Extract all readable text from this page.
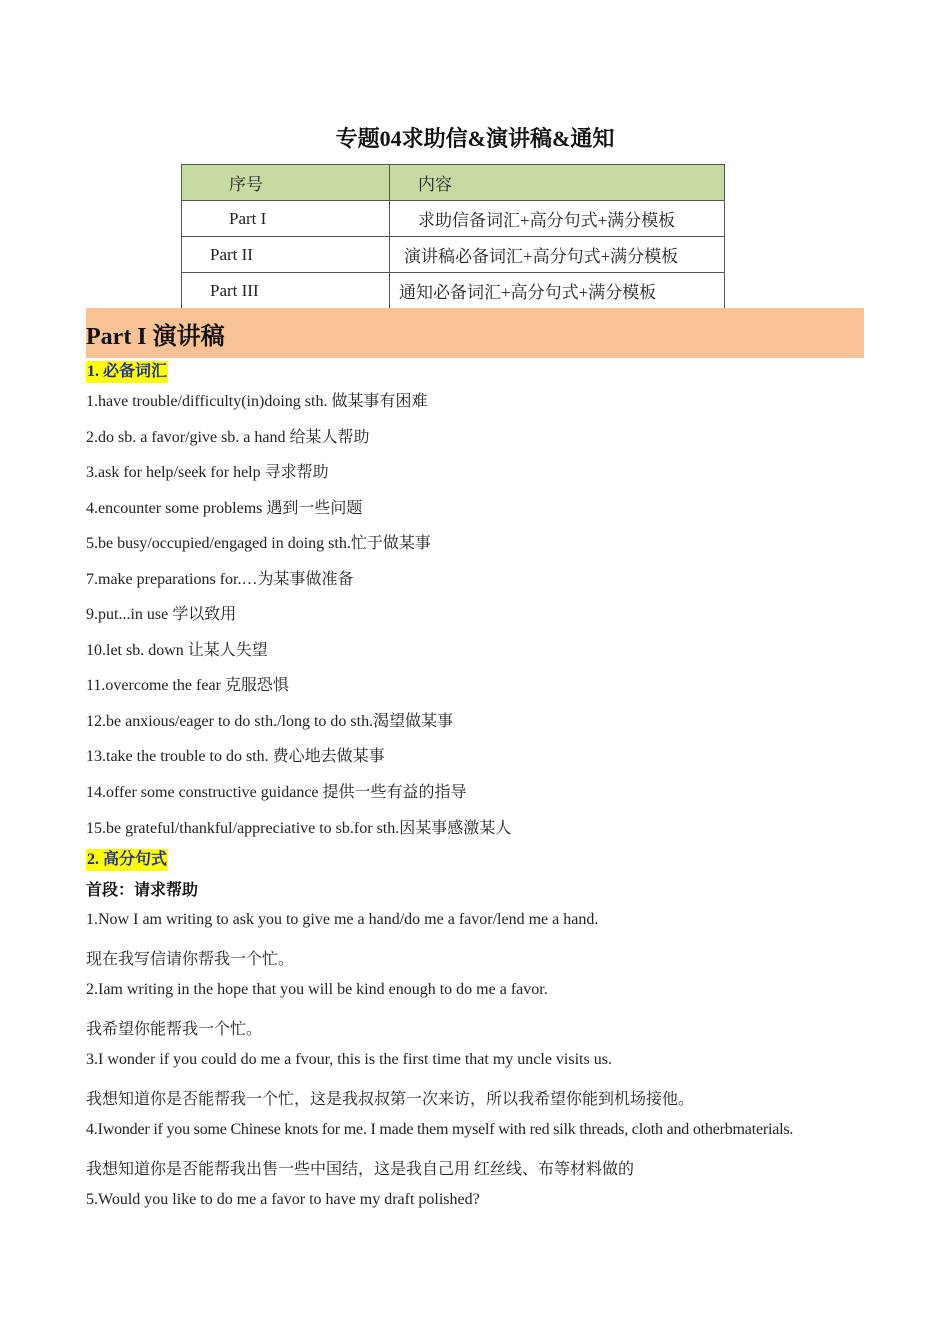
专题04求助信&演讲稿&通知
序号	内容
Part I	求助信备词汇+高分句式+满分模板
Part II	演讲稿必备词汇+高分句式+满分模板
Part III	通知必备词汇+高分句式+满分模板
Part I 演讲稿
1. 必备词汇
1.have trouble/difficulty(in)doing sth. 做某事有困难
2.do sb. a favor/give sb. a hand 给某人帮助
3.ask for help/seek for help 寻求帮助
4.encounter some problems 遇到一些问题
5.be busy/occupied/engaged in doing sth.忙于做某事
7.make preparations for.…为某事做准备
9.put...in use 学以致用
10.let sb. down 让某人失望
11.overcome the fear 克服恐惧
12.be anxious/eager to do sth./long to do sth.渴望做某事
13.take the trouble to do sth. 费心地去做某事
14.offer some constructive guidance 提供一些有益的指导
15.be grateful/thankful/appreciative to sb.for sth.因某事感激某人
2. 高分句式
首段：请求帮助
1.Now I am writing to ask you to give me a hand/do me a favor/lend me a hand.
现在我写信请你帮我一个忙。
2.Iam writing in the hope that you will be kind enough to do me a favor.
我希望你能帮我一个忙。
3.I wonder if you could do me a fvour, this is the first time that my uncle visits us.
我想知道你是否能帮我一个忙，这是我叔叔第一次来访，所以我希望你能到机场接他。
4.Iwonder if you some Chinese knots for me. I made them myself with red silk threads, cloth and otherbmaterials.
我想知道你是否能帮我出售一些中国结，这是我自己用 红丝线、布等材料做的
5.Would you like to do me a favor to have my draft polished?
